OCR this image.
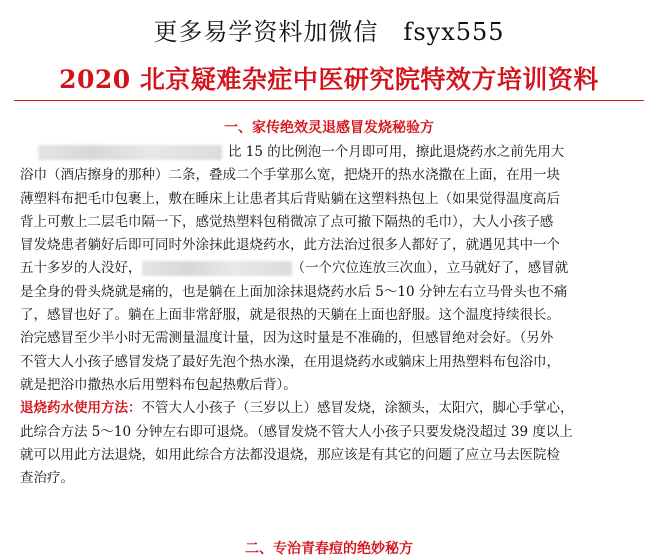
更多易学资料加微信　fsyx555
2020 北京疑难杂症中医研究院特效方培训资料
一、家传绝效灵退感冒发烧秘验方
比 15 的比例泡一个月即可用，擦此退烧药水之前先用大
浴巾（酒店擦身的那种）二条，叠成二个手掌那么宽，把烧开的热水浇撒在上面，在用一块
薄塑料布把毛巾包裹上，敷在睡床上让患者其后背贴躺在这塑料热包上（如果觉得温度高后
背上可敷上二层毛巾隔一下，感觉热塑料包稍微凉了点可撤下隔热的毛巾），大人小孩子感
冒发烧患者躺好后即可同时外涂抹此退烧药水，此方法治过很多人都好了，就遇见其中一个
五十多岁的人没好，	（一个穴位连放三次血），立马就好了，感冒就
是全身的骨头烧就是痛的，也是躺在上面加涂抹退烧药水后 5～10 分钟左右立马骨头也不痛
了，感冒也好了。躺在上面非常舒服，就是很热的天躺在上面也舒服。这个温度持续很长。
治完感冒至少半小时无需测量温度计量，因为这时量是不准确的，但感冒绝对会好。（另外
不管大人小孩子感冒发烧了最好先泡个热水澡，在用退烧药水或躺床上用热塑料布包浴巾，
就是把浴巾撒热水后用塑料布包起热敷后背）。
退烧药水使用方法：不管大人小孩子（三岁以上）感冒发烧，涂额头，太阳穴，脚心手掌心，
此综合方法 5～10 分钟左右即可退烧。（感冒发烧不管大人小孩子只要发烧没超过 39 度以上
就可以用此方法退烧，如用此综合方法都没退烧，那应该是有其它的问题了应立马去医院检
查治疗。
二、专治青春痘的绝妙秘方
